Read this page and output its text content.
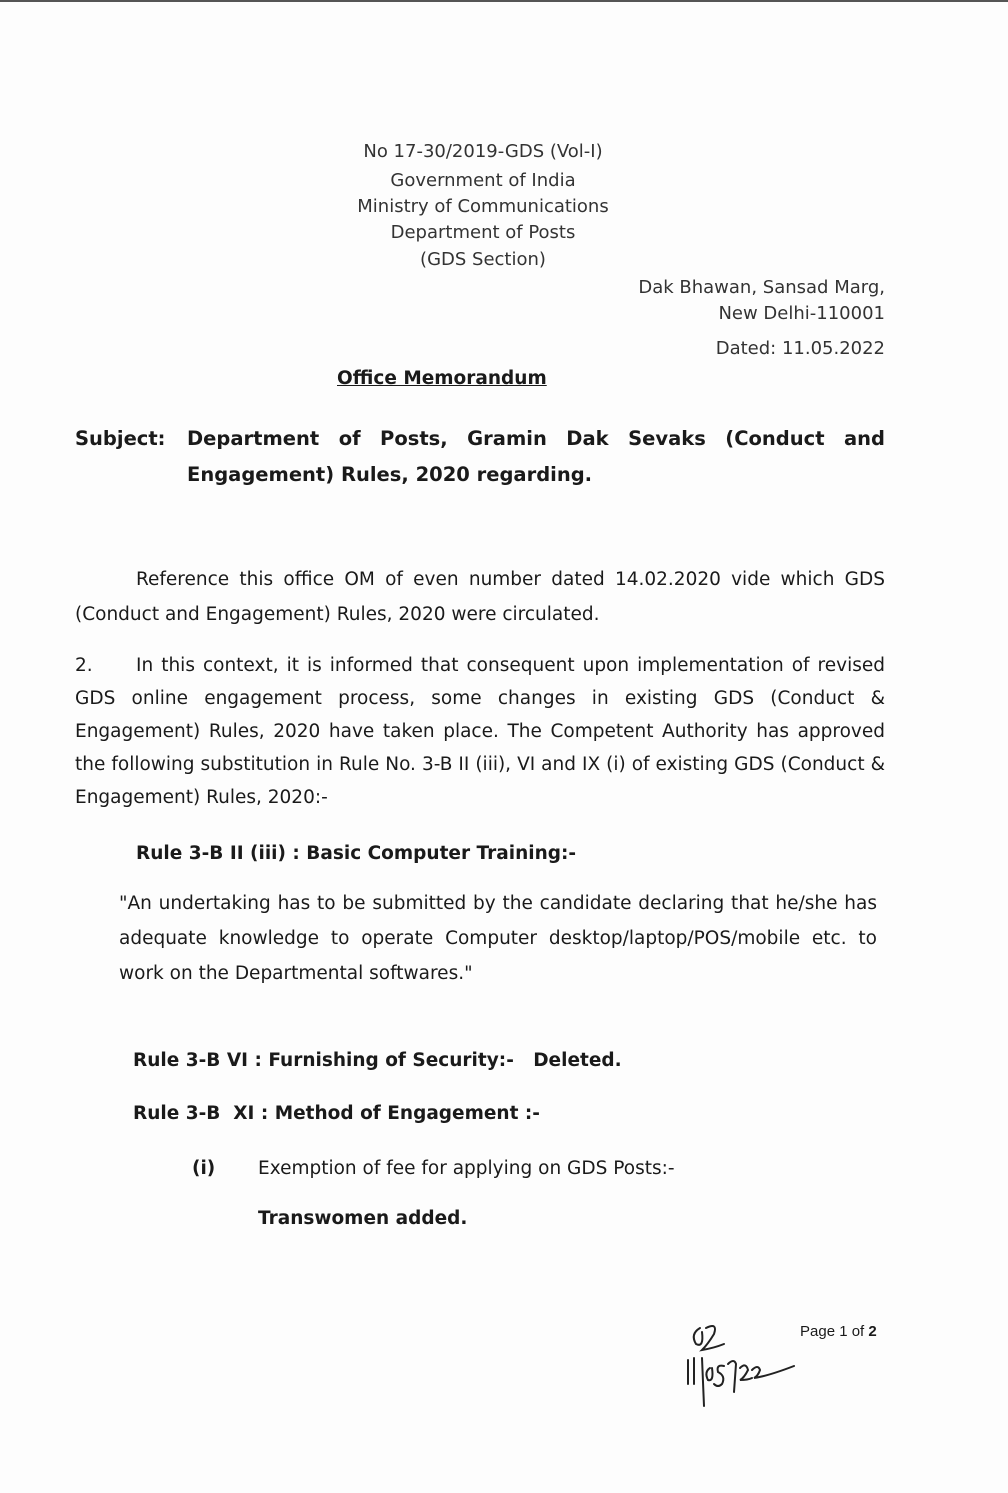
No 17-30/2019-GDS (Vol-I)
Government of India
Ministry of Communications
Department of Posts
(GDS Section)
Dak Bhawan, Sansad Marg,
New Delhi-110001
Dated: 11.05.2022
Office Memorandum
Subject: Department of Posts, Gramin Dak Sevaks (Conduct and
Engagement) Rules, 2020 regarding.
Reference this office OM of even number dated 14.02.2020 vide which GDS (Conduct and Engagement) Rules, 2020 were circulated.
2. In this context, it is informed that consequent upon implementation of revised GDS online engagement process, some changes in existing GDS (Conduct & Engagement) Rules, 2020 have taken place. The Competent Authority has approved the following substitution in Rule No. 3-B II (iii), VI and IX (i) of existing GDS (Conduct & Engagement) Rules, 2020:-
Rule 3-B II (iii) : Basic Computer Training:-
"An undertaking has to be submitted by the candidate declaring that he/she has adequate knowledge to operate Computer desktop/laptop/POS/mobile etc. to work on the Departmental softwares."
Rule 3-B VI : Furnishing of Security:- Deleted.
Rule 3-B  XI : Method of Engagement :-
(i) Exemption of fee for applying on GDS Posts:-
Transwomen added.
Page 1 of 2
